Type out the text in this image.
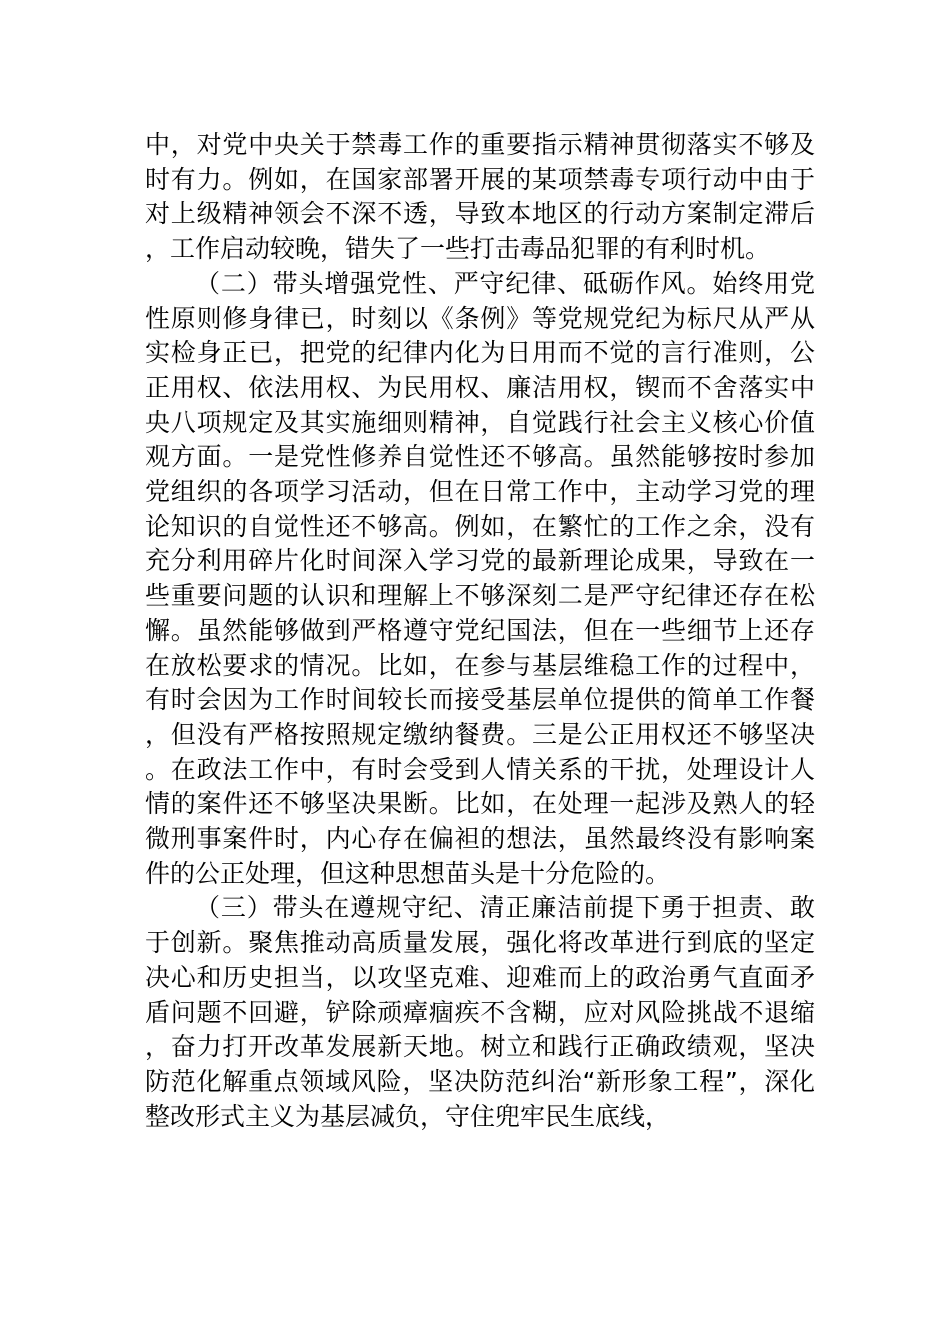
中，对党中央关于禁毒工作的重要指示精神贯彻落实不够及时有力。例如，在国家部署开展的某项禁毒专项行动中由于对上级精神领会不深不透，导致本地区的行动方案制定滞后，工作启动较晚，错失了一些打击毒品犯罪的有利时机。

（二）带头增强党性、严守纪律、砥砺作风。始终用党性原则修身律已，时刻以《条例》等党规党纪为标尺从严从实检身正已，把党的纪律内化为日用而不觉的言行准则，公正用权、依法用权、为民用权、廉洁用权，锲而不舍落实中央八项规定及其实施细则精神，自觉践行社会主义核心价值观方面。一是党性修养自觉性还不够高。虽然能够按时参加党组织的各项学习活动，但在日常工作中，主动学习党的理论知识的自觉性还不够高。例如，在繁忙的工作之余，没有充分利用碎片化时间深入学习党的最新理论成果，导致在一些重要问题的认识和理解上不够深刻二是严守纪律还存在松懈。虽然能够做到严格遵守党纪国法，但在一些细节上还存在放松要求的情况。比如，在参与基层维稳工作的过程中，有时会因为工作时间较长而接受基层单位提供的简单工作餐，但没有严格按照规定缴纳餐费。三是公正用权还不够坚决。在政法工作中，有时会受到人情关系的干扰，处理设计人情的案件还不够坚决果断。比如，在处理一起涉及熟人的轻微刑事案件时，内心存在偏袒的想法，虽然最终没有影响案件的公正处理，但这种思想苗头是十分危险的。

（三）带头在遵规守纪、清正廉洁前提下勇于担责、敢于创新。聚焦推动高质量发展，强化将改革进行到底的坚定决心和历史担当，以攻坚克难、迎难而上的政治勇气直面矛盾问题不回避，铲除顽瘴痼疾不含糊，应对风险挑战不退缩，奋力打开改革发展新天地。树立和践行正确政绩观，坚决防范化解重点领域风险，坚决防范纠治“新形象工程”，深化整改形式主义为基层减负，守住兜牢民生底线，
